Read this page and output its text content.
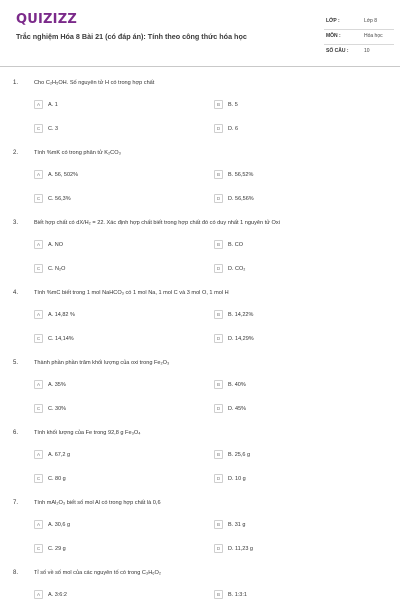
QUIZIZZ
Trắc nghiệm Hóa 8 Bài 21 (có đáp án): Tính theo công thức hóa học
LỚP :	Lớp 8
MÔN :	Hóa học
SỐ CÂU :	10
1.	Cho C₂H₅OH. Số nguyên tử H có trong hợp chất
A	A. 1	B	B. 5
C	C. 3	D	D. 6
2.	Tính %mK có trong phân tử K₂CO₃
A	A. 56, 502%	B	B. 56,52%
C	C. 56,3%	D	D. 56,56%
3.	Biết hợp chất có dX/H₂ = 22. Xác định hợp chất biết trong hợp chất đó có duy nhất 1 nguyên tử Oxi
A	A. NO	B	B. CO
C	C. N₂O	D	D. CO₂
4.	Tính %mC biết trong 1 mol NaHCO₃ có 1 mol Na, 1 mol C và 3 mol O, 1 mol H
A	A. 14,82 %	B	B. 14,22%
C	C. 14,14%	D	D. 14,29%
5.	Thành phần phần trăm khối lượng của oxi trong Fe₂O₃
A	A. 35%	B	B. 40%
C	C. 30%	D	D. 45%
6.	Tính khối lượng của Fe trong 92,8 g Fe₃O₄
A	A. 67,2 g	B	B. 25,6 g
C	C. 80 g	D	D. 10 g
7.	Tính mAl₂O₃ biết số mol Al có trong hợp chất là 0,6
A	A. 30,6 g	B	B. 31 g
C	C. 29 g	D	D. 11,23 g
8.	Tỉ số về số mol của các nguyên tố có trong C₃H₆O₂
A	A. 3:6:2	B	B. 1:3:1
